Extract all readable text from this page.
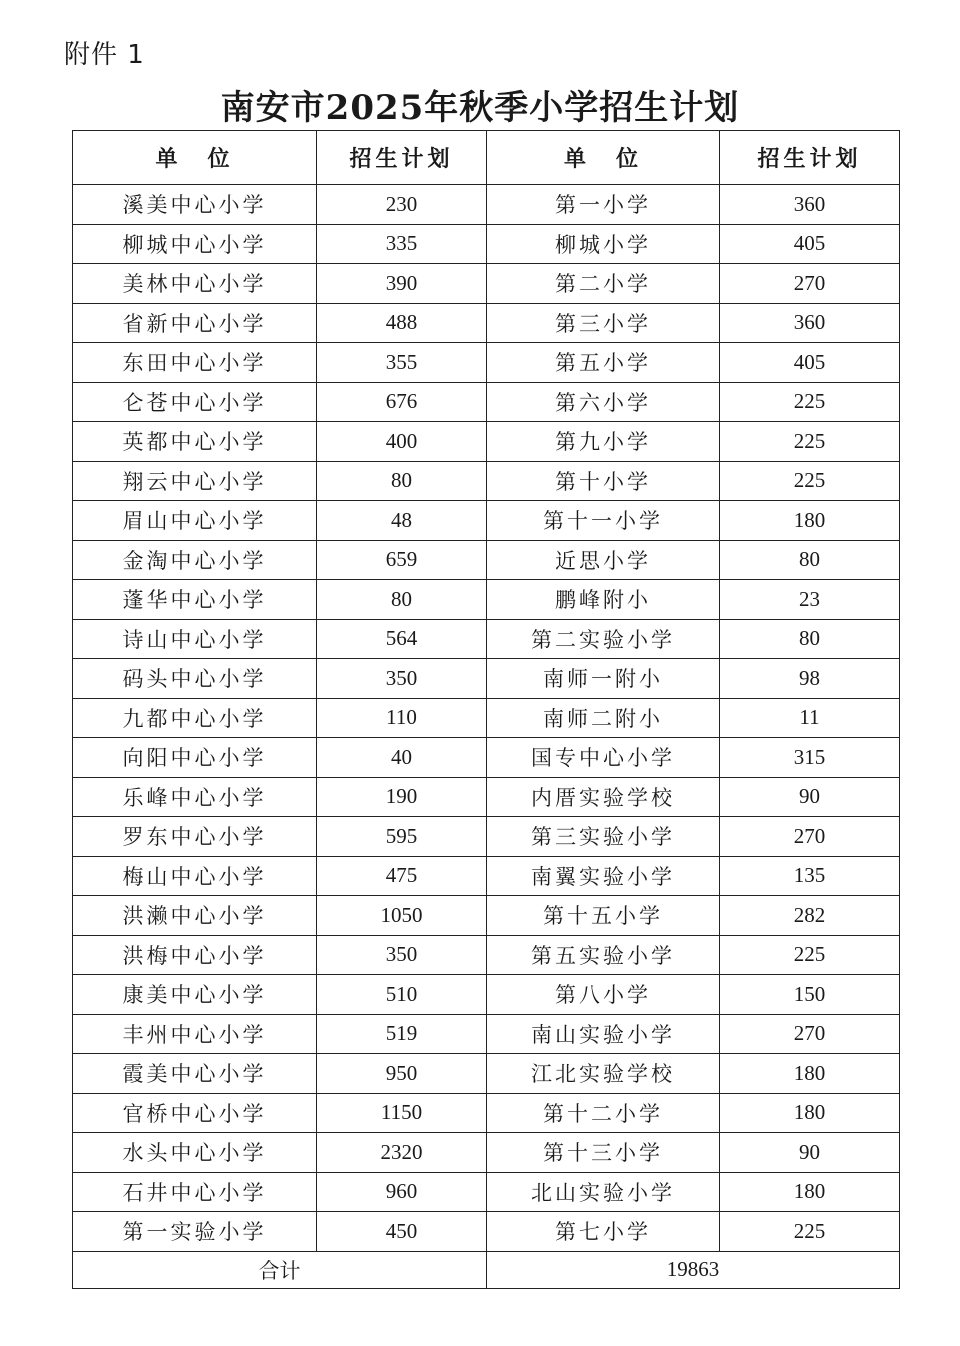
附件 1
南安市2025年秋季小学招生计划
单　位	招生计划	单　位	招生计划
溪美中心小学	230	第一小学	360
柳城中心小学	335	柳城小学	405
美林中心小学	390	第二小学	270
省新中心小学	488	第三小学	360
东田中心小学	355	第五小学	405
仑苍中心小学	676	第六小学	225
英都中心小学	400	第九小学	225
翔云中心小学	80	第十小学	225
眉山中心小学	48	第十一小学	180
金淘中心小学	659	近思小学	80
蓬华中心小学	80	鹏峰附小	23
诗山中心小学	564	第二实验小学	80
码头中心小学	350	南师一附小	98
九都中心小学	110	南师二附小	11
向阳中心小学	40	国专中心小学	315
乐峰中心小学	190	内厝实验学校	90
罗东中心小学	595	第三实验小学	270
梅山中心小学	475	南翼实验小学	135
洪濑中心小学	1050	第十五小学	282
洪梅中心小学	350	第五实验小学	225
康美中心小学	510	第八小学	150
丰州中心小学	519	南山实验小学	270
霞美中心小学	950	江北实验学校	180
官桥中心小学	1150	第十二小学	180
水头中心小学	2320	第十三小学	90
石井中心小学	960	北山实验小学	180
第一实验小学	450	第七小学	225
合计		19863	
